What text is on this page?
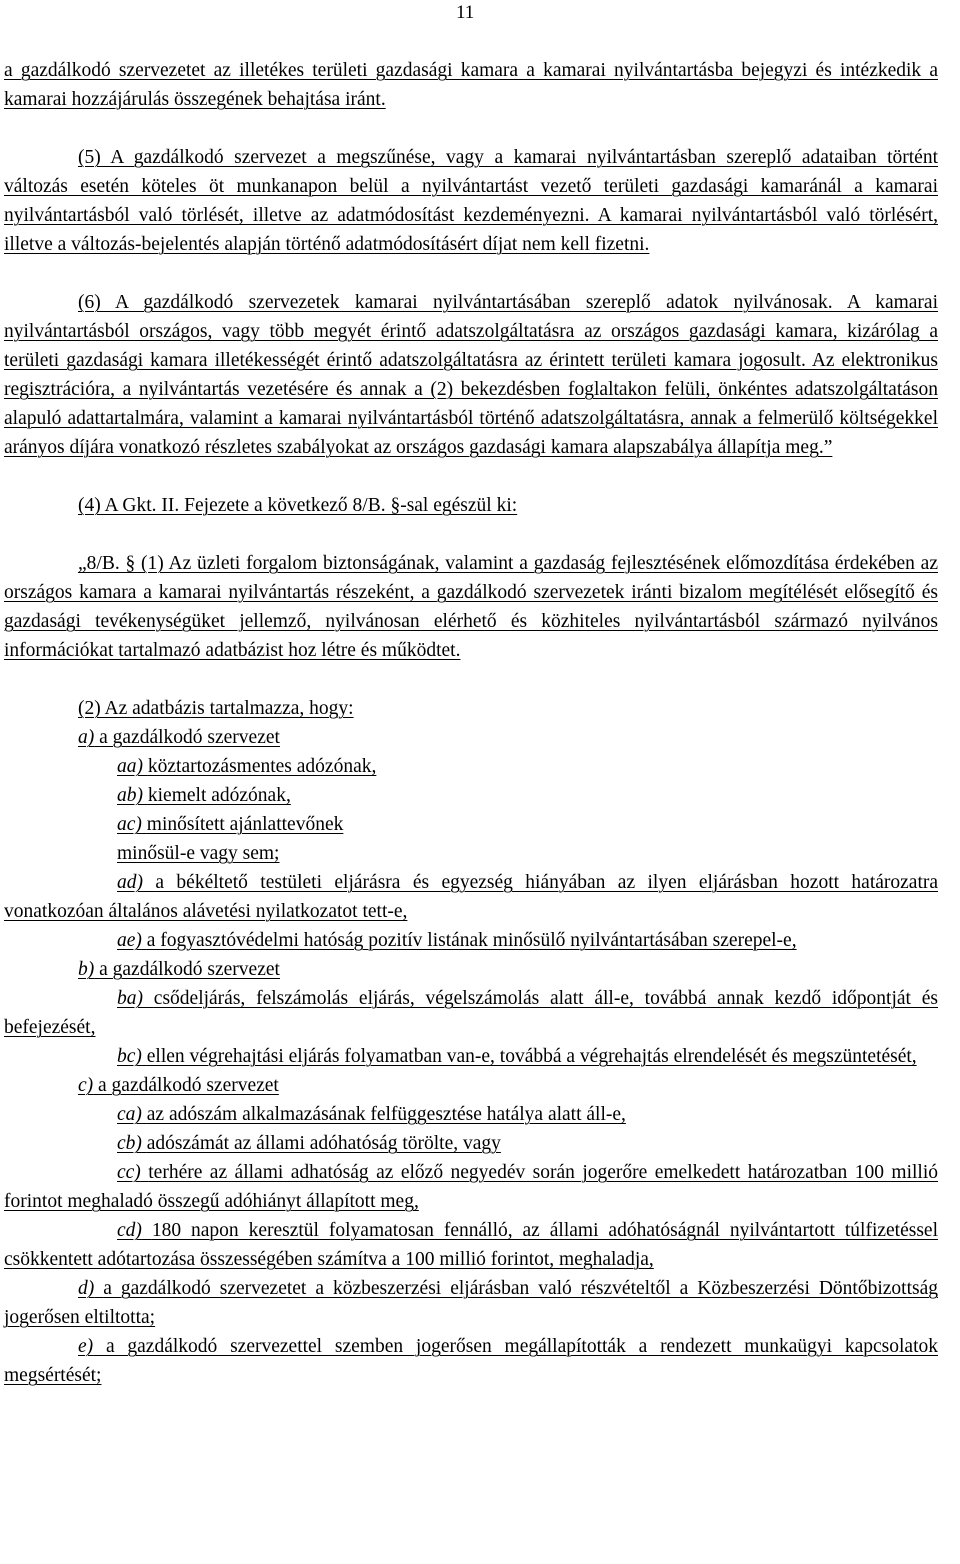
11

a gazdálkodó szervezetet az illetékes területi gazdasági kamara a kamarai nyilvántartásba bejegyzi és intézkedik a kamarai hozzájárulás összegének behajtása iránt.

(5) A gazdálkodó szervezet a megszűnése, vagy a kamarai nyilvántartásban szereplő adataiban történt változás esetén köteles öt munkanapon belül a nyilvántartást vezető területi gazdasági kamaránál a kamarai nyilvántartásból való törlését, illetve az adatmódosítást kezdeményezni. A kamarai nyilvántartásból való törlésért, illetve a változás-bejelentés alapján történő adatmódosításért díjat nem kell fizetni.

(6) A gazdálkodó szervezetek kamarai nyilvántartásában szereplő adatok nyilvánosak. A kamarai nyilvántartásból országos, vagy több megyét érintő adatszolgáltatásra az országos gazdasági kamara, kizárólag a területi gazdasági kamara illetékességét érintő adatszolgáltatásra az érintett területi kamara jogosult. Az elektronikus regisztrációra, a nyilvántartás vezetésére és annak a (2) bekezdésben foglaltakon felüli, önkéntes adatszolgáltatáson alapuló adattartalmára, valamint a kamarai nyilvántartásból történő adatszolgáltatásra, annak a felmerülő költségekkel arányos díjára vonatkozó részletes szabályokat az országos gazdasági kamara alapszabálya állapítja meg.”

(4) A Gkt. II. Fejezete a következő 8/B. §-sal egészül ki:

„8/B. § (1) Az üzleti forgalom biztonságának, valamint a gazdaság fejlesztésének előmozdítása érdekében az országos kamara a kamarai nyilvántartás részeként, a gazdálkodó szervezetek iránti bizalom megítélését elősegítő és gazdasági tevékenységüket jellemző, nyilvánosan elérhető és közhiteles nyilvántartásból származó nyilvános információkat tartalmazó adatbázist hoz létre és működtet.

(2) Az adatbázis tartalmazza, hogy:

a) a gazdálkodó szervezet

aa) köztartozásmentes adózónak,

ab) kiemelt adózónak,

ac) minősített ajánlattevőnek

minősül-e vagy sem;

ad) a békéltető testületi eljárásra és egyezség hiányában az ilyen eljárásban hozott határozatra vonatkozóan általános alávetési nyilatkozatot tett-e,

ae) a fogyasztóvédelmi hatóság pozitív listának minősülő nyilvántartásában szerepel-e,

b) a gazdálkodó szervezet

ba) csődeljárás, felszámolás eljárás, végelszámolás alatt áll-e, továbbá annak kezdő időpontját és befejezését,

bc) ellen végrehajtási eljárás folyamatban van-e, továbbá a végrehajtás elrendelését és megszüntetését,

c) a gazdálkodó szervezet

ca) az adószám alkalmazásának felfüggesztése hatálya alatt áll-e,

cb) adószámát az állami adóhatóság törölte, vagy

cc) terhére az állami adhatóság az előző negyedév során jogerőre emelkedett határozatban 100 millió forintot meghaladó összegű adóhiányt állapított meg,

cd) 180 napon keresztül folyamatosan fennálló, az állami adóhatóságnál nyilvántartott túlfizetéssel csökkentett adótartozása összességében számítva a 100 millió forintot, meghaladja,

d) a gazdálkodó szervezetet a közbeszerzési eljárásban való részvételtől a Közbeszerzési Döntőbizottság jogerősen eltiltotta;

e) a gazdálkodó szervezettel szemben jogerősen megállapították a rendezett munkaügyi kapcsolatok megsértését;
